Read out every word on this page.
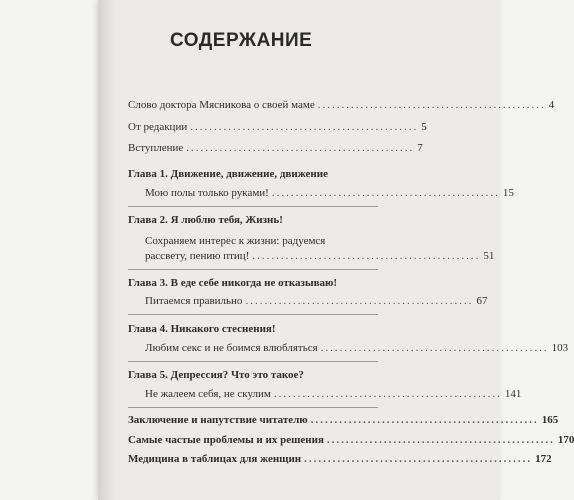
СОДЕРЖАНИЕ
Слово доктора Мясникова о своей маме ................................................ 4
От редакции ................................................ 5
Вступление ................................................ 7
Глава 1. Движение, движение, движение
Мою полы только руками! ................................................ 15
Глава 2. Я люблю тебя, Жизнь!
Сохраняем интерес к жизни: радуемся
рассвету, пению птиц! ................................................ 51
Глава 3. В еде себе никогда не отказываю!
Питаемся правильно ................................................ 67
Глава 4. Никакого стеснения!
Любим секс и не боимся влюбляться ................................................ 103
Глава 5. Депрессия? Что это такое?
Не жалеем себя, не скулим ................................................ 141
Заключение и напутствие читателю ................................................ 165
Самые частые проблемы и их решения ................................................ 170
Медицина в таблицах для женщин ................................................ 172
